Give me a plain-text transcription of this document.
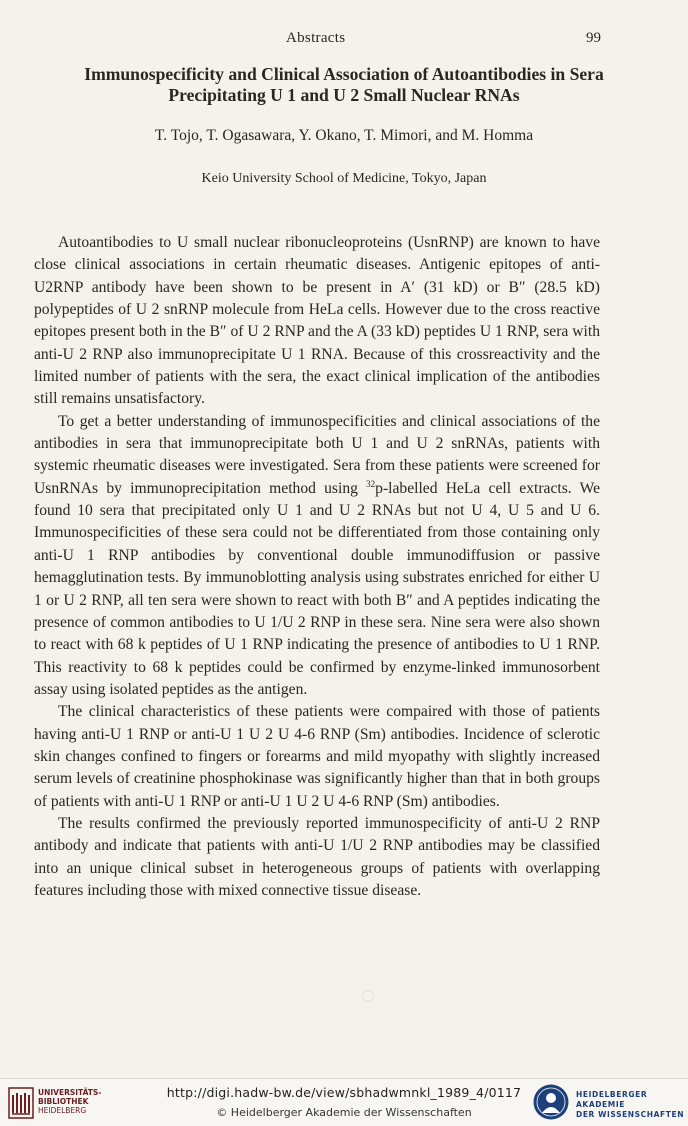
Abstracts	99
Immunospecificity and Clinical Association of Autoantibodies in Sera
Precipitating U 1 and U 2 Small Nuclear RNAs
T. Tojo, T. Ogasawara, Y. Okano, T. Mimori, and M. Homma
Keio University School of Medicine, Tokyo, Japan

Autoantibodies to U small nuclear ribonucleoproteins (UsnRNP) are known to have close clinical associations in certain rheumatic diseases. Antigenic epitopes of anti-U2RNP antibody have been shown to be present in A′ (31 kD) or B″ (28.5 kD) polypeptides of U 2 snRNP molecule from HeLa cells. However due to the cross reactive epitopes present both in the B″ of U 2 RNP and the A (33 kD) peptides U 1 RNP, sera with anti-U 2 RNP also immunoprecipitate U 1 RNA. Because of this crossreactivity and the limited number of patients with the sera, the exact clinical implication of the antibodies still remains unsatisfactory.

To get a better understanding of immunospecificities and clinical associations of the antibodies in sera that immunoprecipitate both U 1 and U 2 snRNAs, patients with systemic rheumatic diseases were investigated. Sera from these patients were screened for UsnRNAs by immunoprecipitation method using $^{32}$p-labelled HeLa cell extracts. We found 10 sera that precipitated only U 1 and U 2 RNAs but not U 4, U 5 and U 6. Immunospecificities of these sera could not be differentiated from those containing only anti-U 1 RNP antibodies by conventional double immunodiffusion or passive hemagglutination tests. By immunoblotting analysis using substrates enriched for either U 1 or U 2 RNP, all ten sera were shown to react with both B″ and A peptides indicating the presence of common antibodies to U 1/U 2 RNP in these sera. Nine sera were also shown to react with 68 k peptides of U 1 RNP indicating the presence of antibodies to U 1 RNP. This reactivity to 68 k peptides could be confirmed by enzyme-linked immunosorbent assay using isolated peptides as the antigen.

The clinical characteristics of these patients were compaired with those of patients having anti-U 1 RNP or anti-U 1 U 2 U 4-6 RNP (Sm) antibodies. Incidence of sclerotic skin changes confined to fingers or forearms and mild myopathy with slightly increased serum levels of creatinine phosphokinase was significantly higher than that in both groups of patients with anti-U 1 RNP or anti-U 1 U 2 U 4-6 RNP (Sm) antibodies.

The results confirmed the previously reported immunospecificity of anti-U 2 RNP antibody and indicate that patients with anti-U 1/U 2 RNP antibodies may be classified into an unique clinical subset in heterogeneous groups of patients with overlapping features including those with mixed connective tissue disease.

UNIVERSITÄTS-
BIBLIOTHEK
HEIDELBERG
http://digi.hadw-bw.de/view/sbhadwmnkl_1989_4/0117
© Heidelberger Akademie der Wissenschaften
HEIDELBERGER AKADEMIE
DER WISSENSCHAFTEN
